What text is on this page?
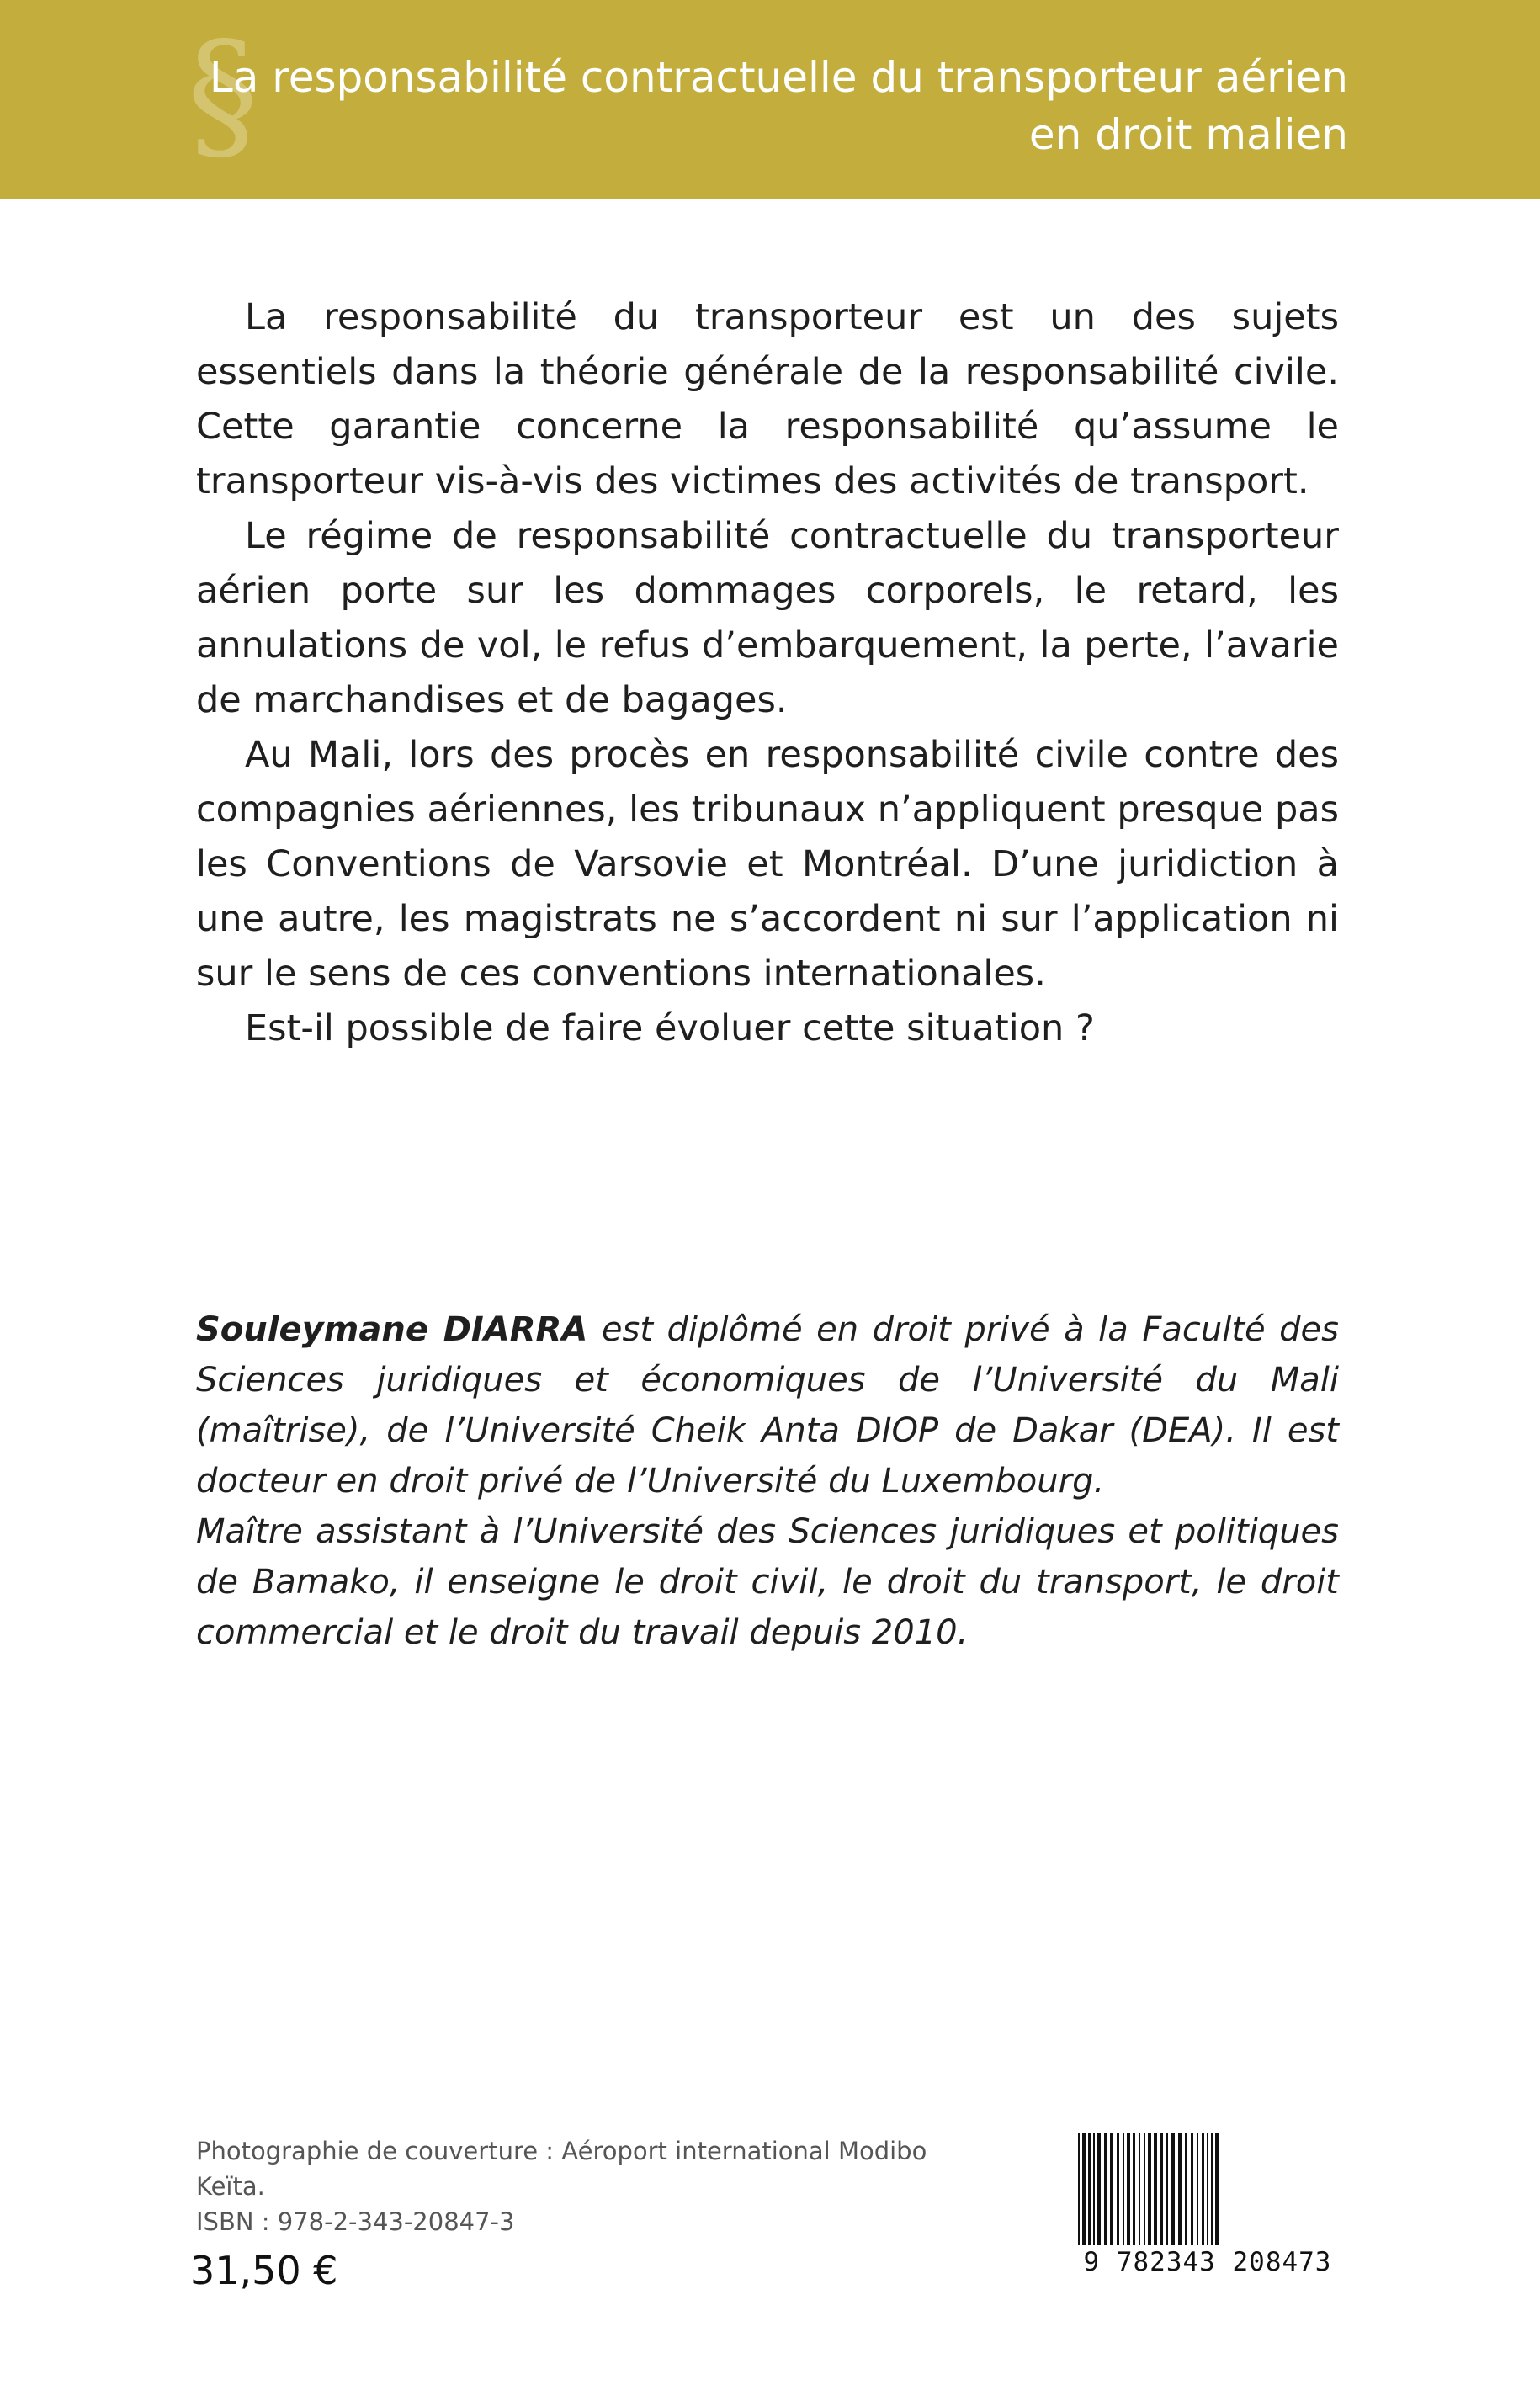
§
La responsabilité contractuelle du transporteur aérien
en droit malien

La responsabilité du transporteur est un des sujets essentiels dans la théorie générale de la responsabilité civile. Cette garantie concerne la responsabilité qu’assume le transporteur vis-à-vis des victimes des activités de transport.

Le régime de responsabilité contractuelle du transporteur aérien porte sur les dommages corporels, le retard, les annulations de vol, le refus d’embarquement, la perte, l’avarie de marchandises et de bagages.

Au Mali, lors des procès en responsabilité civile contre des compagnies aériennes, les tribunaux n’appliquent presque pas les Conventions de Varsovie et Montréal. D’une juridiction à une autre, les magistrats ne s’accordent ni sur l’application ni sur le sens de ces conventions internationales.

Est-il possible de faire évoluer cette situation ?

Souleymane DIARRA est diplômé en droit privé à la Faculté des Sciences juridiques et économiques de l’Université du Mali (maîtrise), de l’Université Cheik Anta DIOP de Dakar (DEA). Il est docteur en droit privé de l’Université du Luxembourg.

Maître assistant à l’Université des Sciences juridiques et politiques de Bamako, il enseigne le droit civil, le droit du transport, le droit commercial et le droit du travail depuis 2010.

Photographie de couverture : Aéroport international Modibo Keïta.

ISBN : 978-2-343-20847-3

31,50 €	9 782343 208473
